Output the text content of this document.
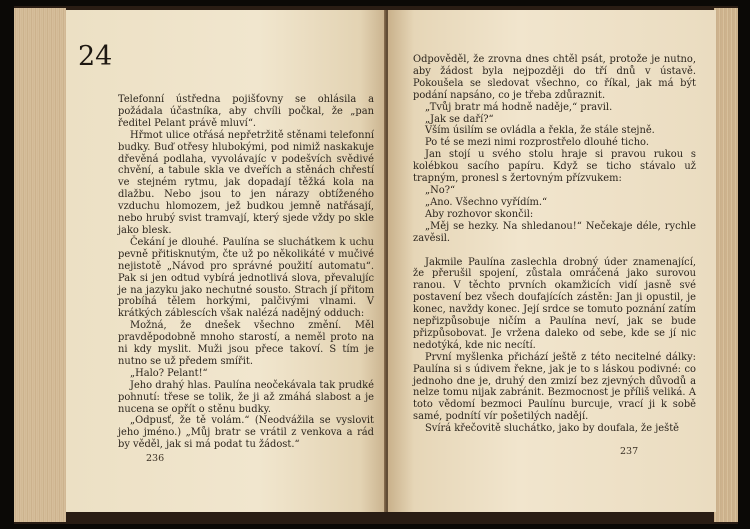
Telefonní ústředna pojišťovny se ohlásila a požádala účastníka, aby chvíli počkal, že „pan ředitel Pelant právě mluví“.

Hřmot ulice otřásá nepřetržitě stěnami telefonní budky. Buď otřesy hlubokými, pod nimiž naskakuje dřevěná podlaha, vyvolávajíc v podešvích svědivé chvění, a tabule skla ve dveřích a stěnách chřestí ve stejném rytmu, jak dopadají těžká kola na dlažbu. Nebo jsou to jen nárazy obtíženého vzduchu hlomozem, jež budkou jemně natřásají, nebo hrubý svist tramvají, který sjede vždy po skle jako blesk.

Čekání je dlouhé. Paulína se sluchátkem k uchu pevně přitisknutým, čte už po několikáté v mučivé nejistotě „Návod pro správné použití automatu“. Pak si jen odtud vybírá jednotlivá slova, převalujíc je na jazyku jako nechutné sousto. Strach jí přitom probíhá tělem horkými, palčivými vlnami. V krátkých záblescích však nalézá nadějný odduch:

Možná, že dnešek všechno změní. Měl pravděpodobně mnoho starostí, a neměl proto na ni kdy myslit. Muži jsou přece takoví. S tím je nutno se už předem smířit.

„Halo? Pelant!“

Jeho drahý hlas. Paulína neočekávala tak prudké pohnutí: třese se tolik, že ji až zmáhá slabost a je nucena se opřít o stěnu budky.

„Odpusť, že tě volám.“ (Neodvážila se vyslovit jeho jméno.) „Můj bratr se vrátil z venkova a rád by věděl, jak si má podat tu žádost.“

236
24	Odpověděl, že zrovna dnes chtěl psát, protože je nutno, aby žádost byla nejpozději do tří dnů v ústavě. Pokoušela se sledovat všechno, co říkal, jak má být podání napsáno, co je třeba zdůraznit.

„Tvůj bratr má hodně naděje,“ pravil.

„Jak se daří?“

Vším úsilím se ovládla a řekla, že stále stejně.

Po té se mezi nimi rozprostřelo dlouhé ticho.

Jan stojí u svého stolu hraje si pravou rukou s kolébkou sacího papíru. Když se ticho stávalo už trapným, pronesl s žertovným přízvukem:

„No?“

„Ano. Všechno vyřídím.“

Aby rozhovor skončil:

„Měj se hezky. Na shledanou!“ Nečekaje déle, rychle zavěsil.

Jakmile Paulína zaslechla drobný úder znamenající, že přerušil spojení, zůstala omráčená jako surovou ranou. V těchto prvních okamžicích vidí jasně své postavení bez všech doufajících zástěn: Jan ji opustil, je konec, navždy konec. Její srdce se tomuto poznání zatím nepřizpůsobuje ničím a Paulína neví, jak se bude přizpůsobovat. Je vržena daleko od sebe, kde se jí nic nedotýká, kde nic necítí.

První myšlenka přichází ještě z této necitelné dálky: Paulína si s údivem řekne, jak je to s láskou podivné: co jednoho dne je, druhý den zmizí bez zjevných důvodů a nelze tomu nijak zabránit. Bezmocnost je příliš veliká. A toto vědomí bezmoci Paulínu burcuje, vrací ji k sobě samé, podnítí vír pošetilých nadějí.

Svírá křečovitě sluchátko, jako by doufala, že ještě

237
